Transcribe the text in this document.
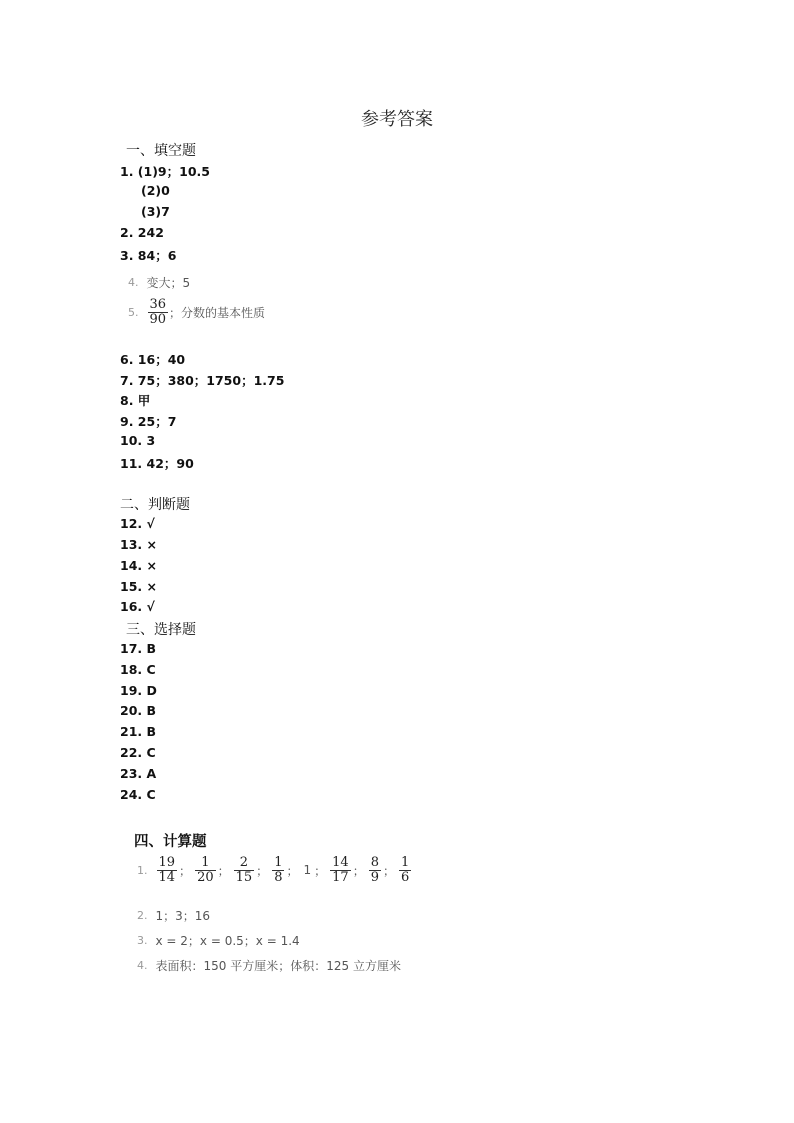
参考答案
一、填空题
1. (1)9；10.5
(2)0
(3)7
2. 242
3. 84；6
4. 变大；5
5. $\frac{36}{90}$ ；分数的基本性质
6. 16；40
7. 75；380；1750；1.75
8. 甲
9. 25；7
10. 3
11. 42；90
二、判断题
12. √
13. ×
14. ×
15. ×
16. √
三、选择题
17. B
18. C
19. D
20. B
21. B
22. C
23. A
24. C
四、计算题
1. $\frac{19}{14}$ ； $\frac{1}{20}$ ； $\frac{2}{15}$ ； $\frac{1}{8}$ ； 1 ； $\frac{14}{17}$ ； $\frac{8}{9}$ ； $\frac{1}{6}$
2. 1；3；16
3. x = 2；x = 0.5；x = 1.4
4. 表面积：150 平方厘米；体积：125 立方厘米
